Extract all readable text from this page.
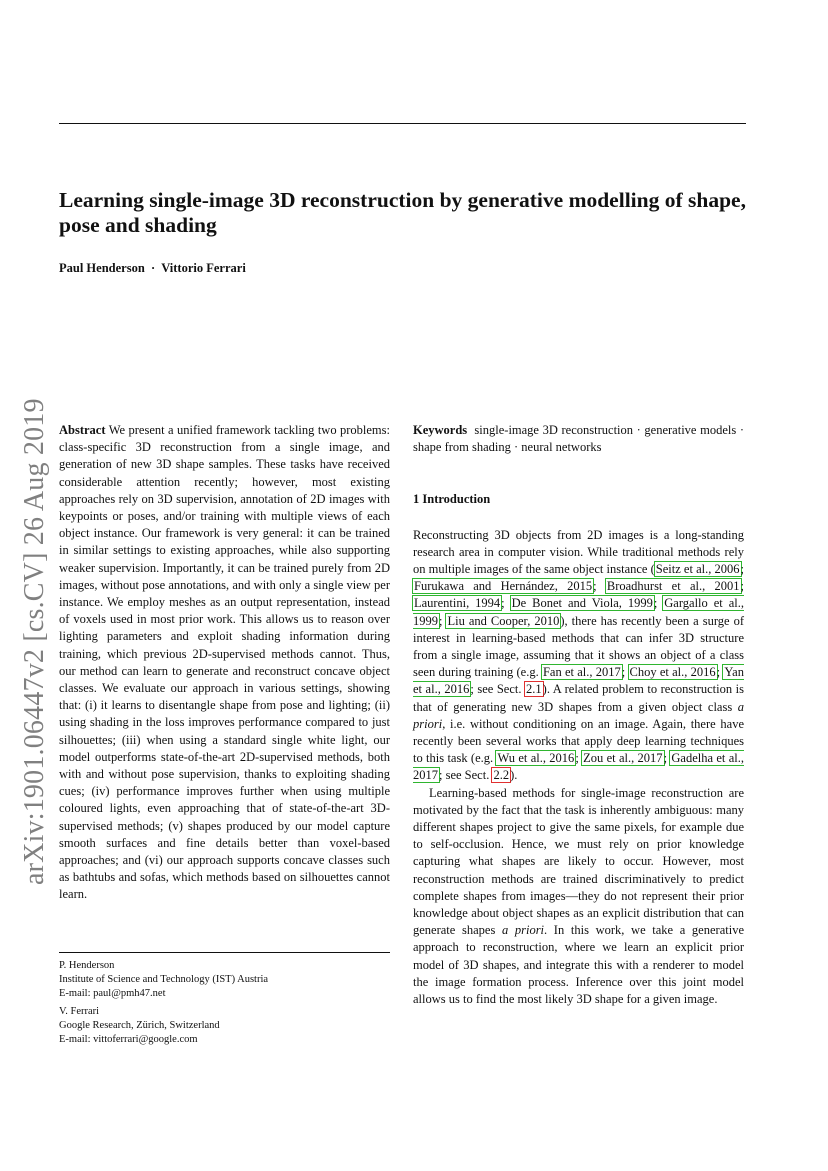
Learning single-image 3D reconstruction by generative modelling of shape, pose and shading
Paul Henderson · Vittorio Ferrari
arXiv:1901.06447v2 [cs.CV] 26 Aug 2019 Abstract We present a unified framework tackling two problems: class-specific 3D reconstruction from a single image, and generation of new 3D shape samples. These tasks have received considerable attention recently; however, most existing approaches rely on 3D supervision, annotation of 2D images with keypoints or poses, and/or training with multiple views of each object instance. Our framework is very general: it can be trained in similar settings to existing approaches, while also supporting weaker supervision. Importantly, it can be trained purely from 2D images, without pose annotations, and with only a single view per instance. We employ meshes as an output representation, instead of voxels used in most prior work. This allows us to reason over lighting parameters and exploit shading information during training, which previous 2D-supervised methods cannot. Thus, our method can learn to generate and reconstruct concave object classes. We evaluate our approach in various settings, showing that: (i) it learns to disentangle shape from pose and lighting; (ii) using shading in the loss improves performance compared to just silhouettes; (iii) when using a standard single white light, our model outperforms state-of-the-art 2D-supervised methods, both with and without pose supervision, thanks to exploiting shading cues; (iv) performance improves further when using multiple coloured lights, even approaching that of state-of-the-art 3D-supervised methods; (v) shapes produced by our model capture smooth surfaces and fine details better than voxel-based approaches; and (vi) our approach supports concave classes such as bathtubs and sofas, which methods based on silhouettes cannot learn.

P. Henderson
Institute of Science and Technology (IST) Austria
E-mail: paul@pmh47.net
V. Ferrari
Google Research, Zürich, Switzerland
E-mail: vittoferrari@google.com

Keywords single-image 3D reconstruction · generative models · shape from shading · neural networks

1 Introduction

Reconstructing 3D objects from 2D images is a long-standing research area in computer vision. While traditional methods rely on multiple images of the same object instance (Seitz et al., 2006; Furukawa and Hernández, 2015; Broadhurst et al., 2001; Laurentini, 1994; De Bonet and Viola, 1999; Gargallo et al., 1999; Liu and Cooper, 2010), there has recently been a surge of interest in learning-based methods that can infer 3D structure from a single image, assuming that it shows an object of a class seen during training (e.g. Fan et al., 2017; Choy et al., 2016; Yan et al., 2016; see Sect. 2.1). A related problem to reconstruction is that of generating new 3D shapes from a given object class a priori, i.e. without conditioning on an image. Again, there have recently been several works that apply deep learning techniques to this task (e.g. Wu et al., 2016; Zou et al., 2017; Gadelha et al., 2017; see Sect. 2.2).

Learning-based methods for single-image reconstruction are motivated by the fact that the task is inherently ambiguous: many different shapes project to give the same pixels, for example due to self-occlusion. Hence, we must rely on prior knowledge capturing what shapes are likely to occur. However, most reconstruction methods are trained discriminatively to predict complete shapes from images—they do not represent their prior knowledge about object shapes as an explicit distribution that can generate shapes a priori. In this work, we take a generative approach to reconstruction, where we learn an explicit prior model of 3D shapes, and integrate this with a renderer to model the image formation process. Inference over this joint model allows us to find the most likely 3D shape for a given image.
